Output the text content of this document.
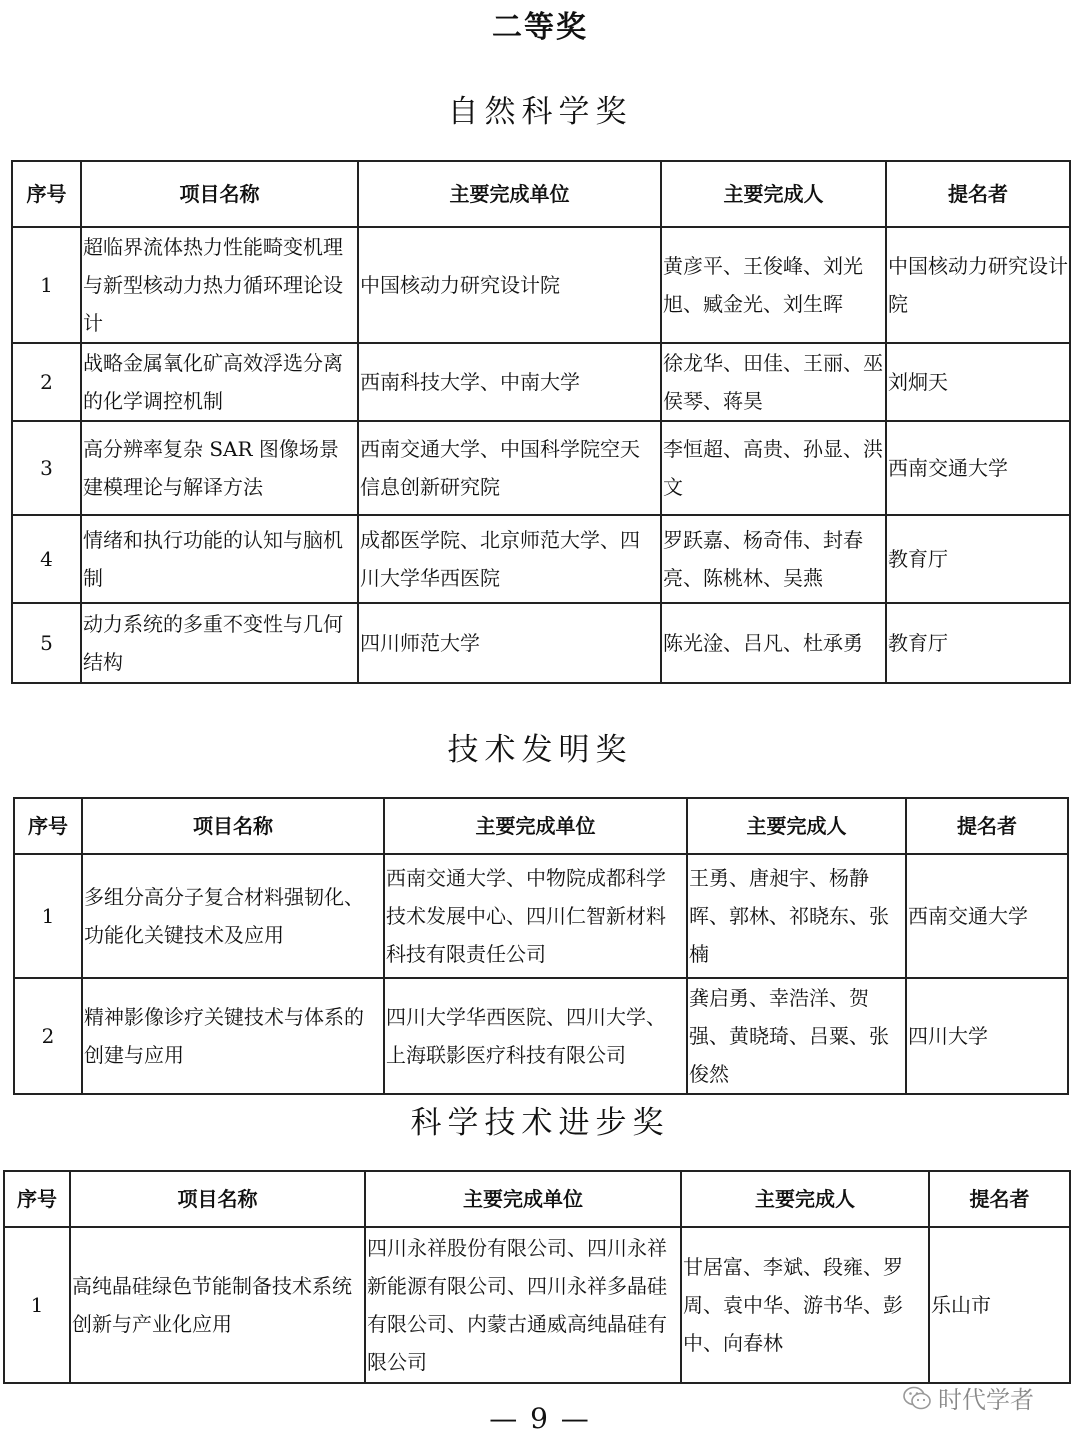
二等奖
自然科学奖
序号	项目名称	主要完成单位	主要完成人	提名者
1	超临界流体热力性能畸变机理与新型核动力热力循环理论设计	中国核动力研究设计院	黄彦平、王俊峰、刘光旭、臧金光、刘生晖	中国核动力研究设计院
2	战略金属氧化矿高效浮选分离的化学调控机制	西南科技大学、中南大学	徐龙华、田佳、王丽、巫侯琴、蒋昊	刘炯天
3	高分辨率复杂 SAR 图像场景建模理论与解译方法	西南交通大学、中国科学院空天信息创新研究院	李恒超、高贵、孙显、洪文	西南交通大学
4	情绪和执行功能的认知与脑机制	成都医学院、北京师范大学、四川大学华西医院	罗跃嘉、杨奇伟、封春亮、陈桃林、吴燕	教育厅
5	动力系统的多重不变性与几何结构	四川师范大学	陈光淦、吕凡、杜承勇	教育厅
技术发明奖
序号	项目名称	主要完成单位	主要完成人	提名者
1	多组分高分子复合材料强韧化、功能化关键技术及应用	西南交通大学、中物院成都科学技术发展中心、四川仁智新材料科技有限责任公司	王勇、唐昶宇、杨静晖、郭林、祁晓东、张楠	西南交通大学
2	精神影像诊疗关键技术与体系的创建与应用	四川大学华西医院、四川大学、上海联影医疗科技有限公司	龚启勇、幸浩洋、贺强、黄晓琦、吕粟、张俊然	四川大学
科学技术进步奖
序号	项目名称	主要完成单位	主要完成人	提名者
1	高纯晶硅绿色节能制备技术系统创新与产业化应用	四川永祥股份有限公司、四川永祥新能源有限公司、四川永祥多晶硅有限公司、内蒙古通威高纯晶硅有限公司	甘居富、李斌、段雍、罗周、袁中华、游书华、彭中、向春林	乐山市
时代学者
— 9 —
